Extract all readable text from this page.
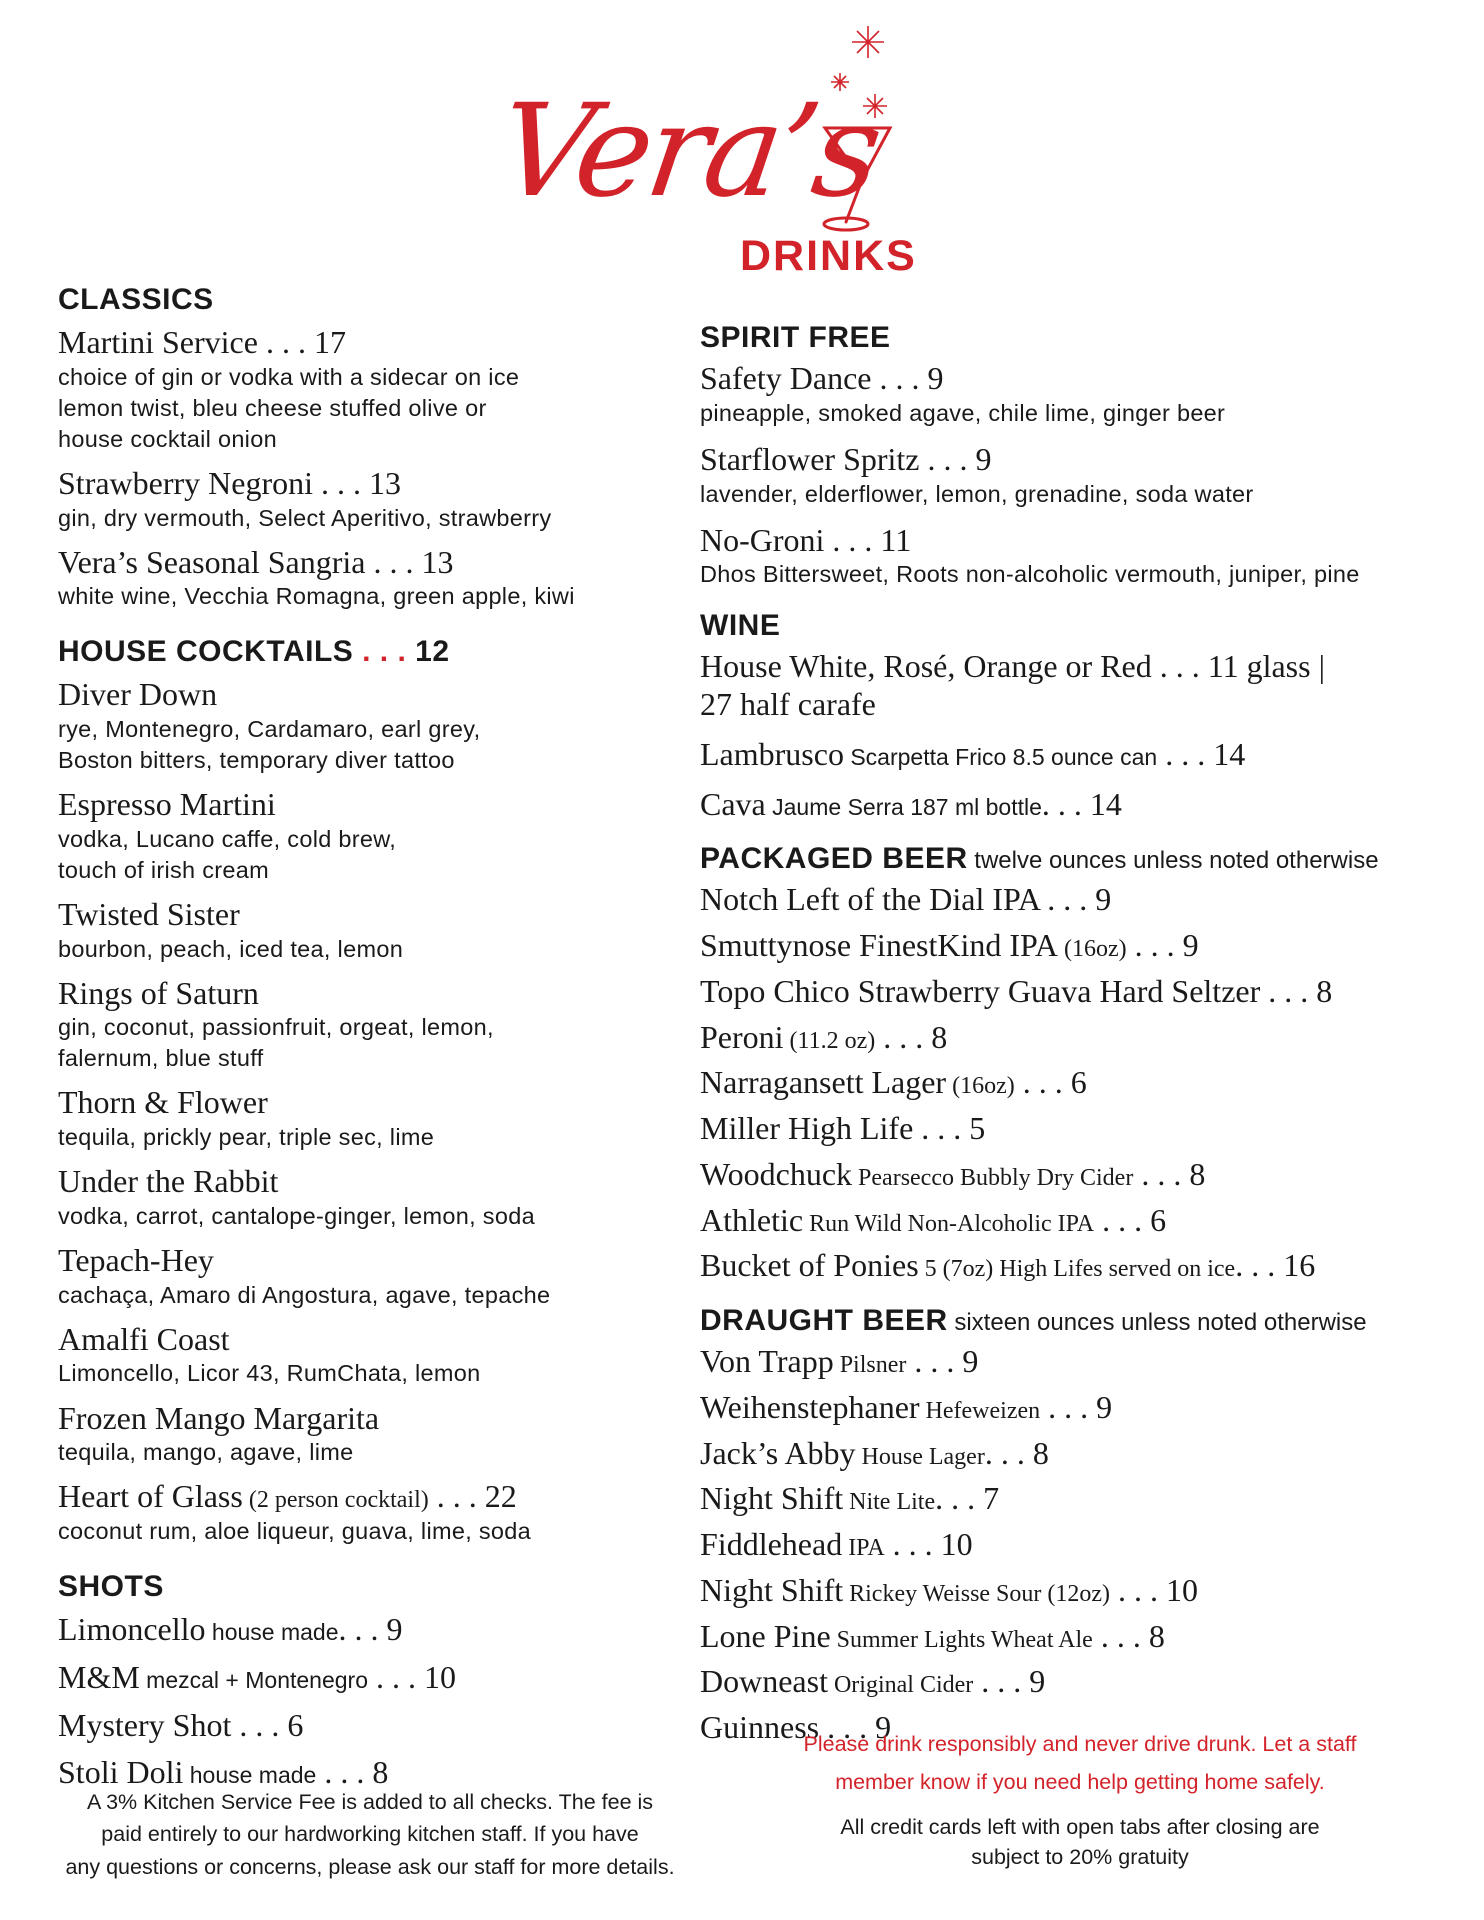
Vera’s
DRINKS
CLASSICS
Martini Service . . . 17
choice of gin or vodka with a sidecar on ice
lemon twist, bleu cheese stuffed olive or
house cocktail onion
Strawberry Negroni . . . 13
gin, dry vermouth, Select Aperitivo, strawberry
Vera’s Seasonal Sangria . . . 13
white wine, Vecchia Romagna, green apple, kiwi
HOUSE COCKTAILS . . . 12
Diver Down
rye, Montenegro, Cardamaro, earl grey,
Boston bitters, temporary diver tattoo
Espresso Martini
vodka, Lucano caffe, cold brew,
touch of irish cream
Twisted Sister
bourbon, peach, iced tea, lemon
Rings of Saturn
gin, coconut, passionfruit, orgeat, lemon,
falernum, blue stuff
Thorn & Flower
tequila, prickly pear, triple sec, lime
Under the Rabbit
vodka, carrot, cantalope-ginger, lemon, soda
Tepach-Hey
cachaça, Amaro di Angostura, agave, tepache
Amalfi Coast
Limoncello, Licor 43, RumChata, lemon
Frozen Mango Margarita
tequila, mango, agave, lime
Heart of Glass (2 person cocktail) . . . 22
coconut rum, aloe liqueur, guava, lime, soda
SHOTS
Limoncello house made. . . 9
M&M mezcal + Montenegro . . . 10
Mystery Shot . . . 6
Stoli Doli house made . . . 8
SPIRIT FREE
Safety Dance . . . 9
pineapple, smoked agave, chile lime, ginger beer
Starflower Spritz . . . 9
lavender, elderflower, lemon, grenadine, soda water
No-Groni . . . 11
Dhos Bittersweet, Roots non-alcoholic vermouth, juniper, pine
WINE
House White, Rosé, Orange or Red . . . 11 glass |
27 half carafe
Lambrusco Scarpetta Frico 8.5 ounce can . . . 14
Cava Jaume Serra 187 ml bottle. . . 14
PACKAGED BEER twelve ounces unless noted otherwise
Notch Left of the Dial IPA . . . 9
Smuttynose FinestKind IPA (16oz) . . . 9
Topo Chico Strawberry Guava Hard Seltzer . . . 8
Peroni (11.2 oz) . . . 8
Narragansett Lager (16oz) . . . 6
Miller High Life . . . 5
Woodchuck Pearsecco Bubbly Dry Cider . . . 8
Athletic Run Wild Non-Alcoholic IPA . . . 6
Bucket of Ponies 5 (7oz) High Lifes served on ice. . . 16
DRAUGHT BEER sixteen ounces unless noted otherwise
Von Trapp Pilsner . . . 9
Weihenstephaner Hefeweizen . . . 9
Jack’s Abby House Lager. . . 8
Night Shift Nite Lite. . . 7
Fiddlehead IPA . . . 10
Night Shift Rickey Weisse Sour (12oz) . . . 10
Lone Pine Summer Lights Wheat Ale . . . 8
Downeast Original Cider . . . 9
Guinness . . . 9
A 3% Kitchen Service Fee is added to all checks. The fee is
paid entirely to our hardworking kitchen staff. If you have
any questions or concerns, please ask our staff for more details.
Please drink responsibly and never drive drunk. Let a staff
member know if you need help getting home safely.
All credit cards left with open tabs after closing are
subject to 20% gratuity
